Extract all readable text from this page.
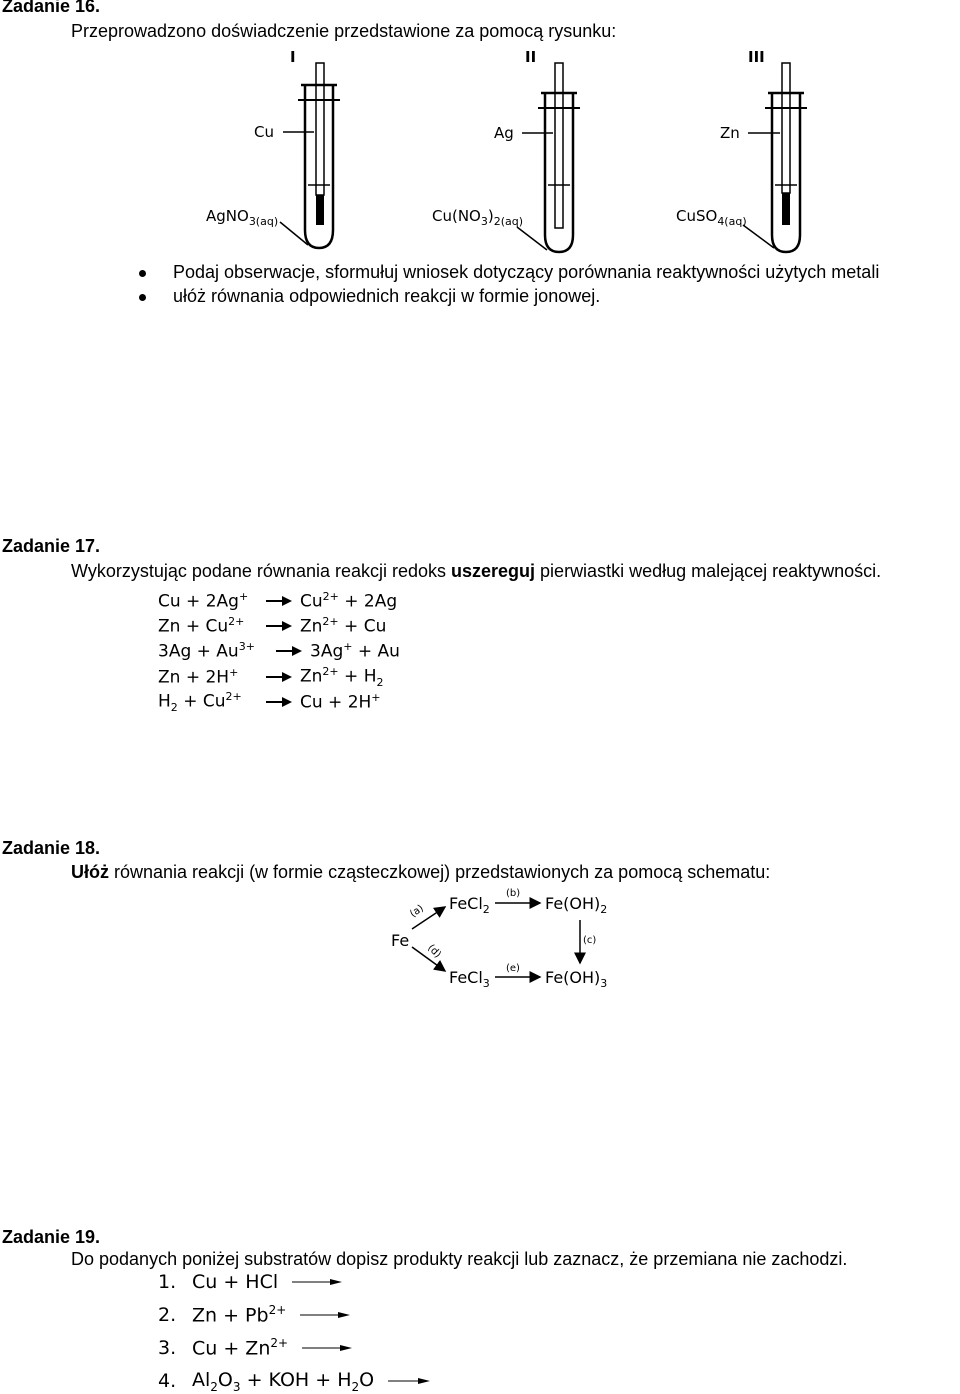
Zadanie 16.
Przeprowadzono doświadczenie przedstawione za pomocą rysunku:
I	II	III
Cu	Ag	Zn
AgNO$_{3(aq)}$	$Cu(NO_3)_{2(aq)}$	CuSO$_{4(aq)}$
Podaj obserwacje, sformułuj wniosek dotyczący porównania reaktywności użytych metali
ułóż równania odpowiednich reakcji w formie jonowej.
Zadanie 17.
Wykorzystując podane równania reakcji redoks uszereguj pierwiastki według malejącej reaktywności.
Cu + 2Ag+	$Cu^{2+} + 2Ag$
$Zn + Cu^{2+}$	$Zn^{2+} + Cu$
$3Ag + Au^{3+}$	3Ag+ + Au
Zn + 2H+	$Zn^{2+} + H_2$
$H_2 + Cu^{2+}$	Cu + 2H+
Zadanie 18.
Ułóż równania reakcji (w formie cząsteczkowej) przedstawionych za pomocą schematu:
Fe
FeCl$_2$	$Fe(OH)_2$
FeCl$_3$	$Fe(OH)_3$
(a)
(b)
(c)
(d)
(e)
Zadanie 19.
Do podanych poniżej substratów dopisz produkty reakcji lub zaznacz, że przemiana nie zachodzi.
1. Cu + HCl
2. $Zn + Pb^{2+}$
3. $Cu + Zn^{2+}$
4. $Al_2O_3$ + KOH + $H_2O$
